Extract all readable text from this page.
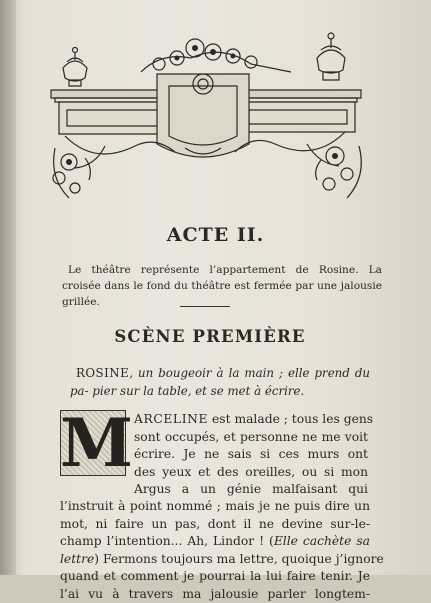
ACTE II.
Le théâtre représente l’appartement de Rosine. La croisée dans le fond du théâtre est fermée par une jalousie grillée.
SCÈNE PREMIÈRE
ROSINE, un bougeoir à la main ; elle prend du pa- pier sur la table, et se met à écrire.
M ARCELINE est malade ; tous les gens
sont occupés, et personne ne me voit
écrire. Je ne sais si ces murs ont
des yeux et des oreilles, ou si mon
Argus a un génie malfaisant qui
l’instruit à point nommé ; mais je ne puis dire un
mot, ni faire un pas, dont il ne devine sur-le-
champ l’intention... Ah, Lindor ! (Elle cachète sa
lettre) Fermons toujours ma lettre, quoique j’ignore
quand et comment je pourrai la lui faire tenir. Je
l’ai vu à travers ma jalousie parler longtem-
